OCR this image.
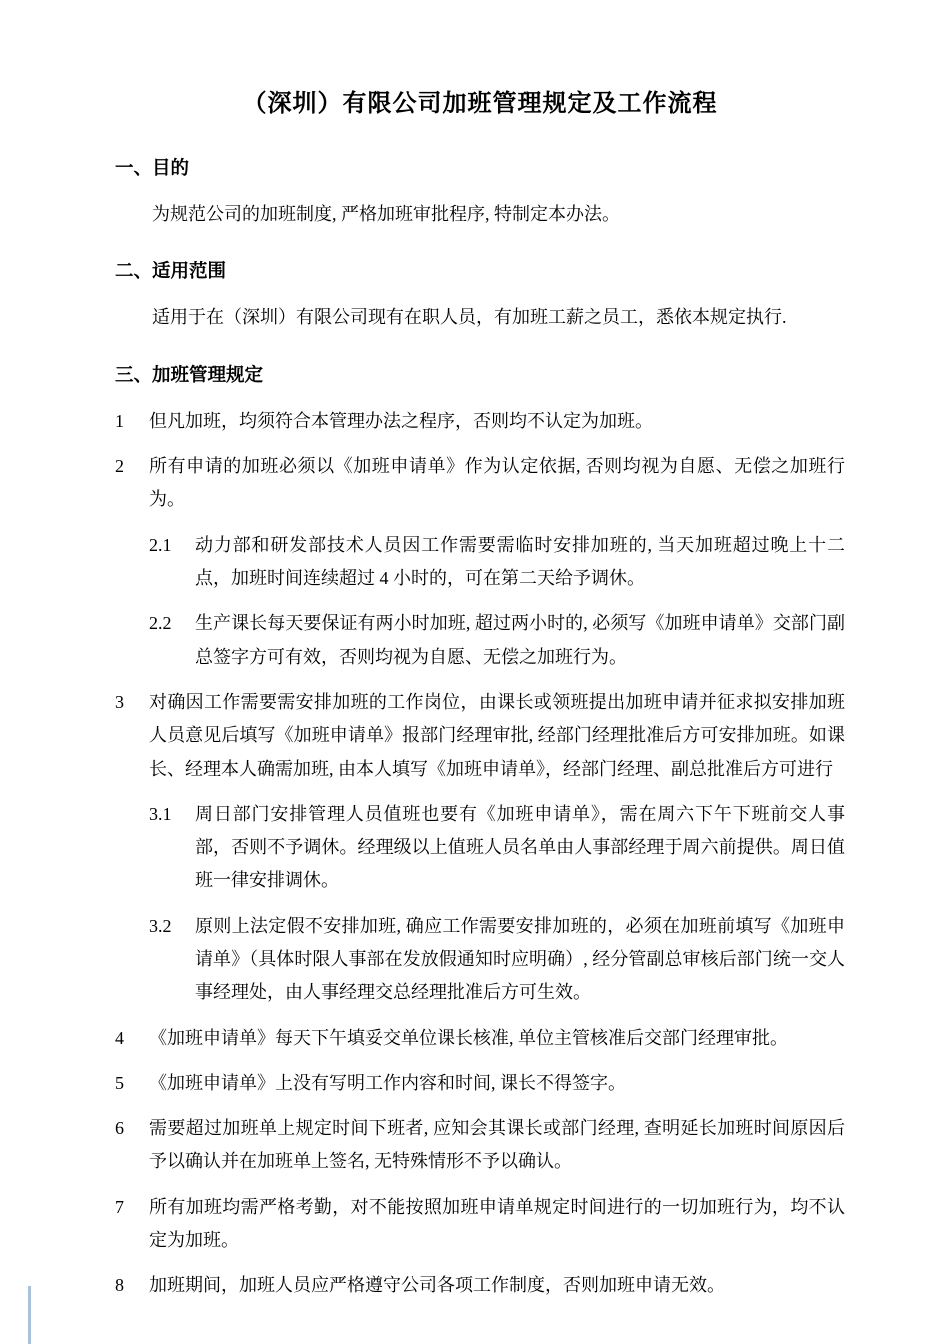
（深圳）有限公司加班管理规定及工作流程
一、目的

为规范公司的加班制度, 严格加班审批程序, 特制定本办法。

二、适用范围

适用于在（深圳）有限公司现有在职人员，有加班工薪之员工，悉依本规定执行.

三、加班管理规定
1	但凡加班，均须符合本管理办法之程序，否则均不认定为加班。
2	所有申请的加班必须以《加班申请单》作为认定依据, 否则均视为自愿、无偿之加班行为。
2.1	动力部和研发部技术人员因工作需要需临时安排加班的, 当天加班超过晚上十二点，加班时间连续超过 4 小时的，可在第二天给予调休。
2.2	生产课长每天要保证有两小时加班, 超过两小时的, 必须写《加班申请单》交部门副总签字方可有效，否则均视为自愿、无偿之加班行为。
3	对确因工作需要需安排加班的工作岗位，由课长或领班提出加班申请并征求拟安排加班人员意见后填写《加班申请单》报部门经理审批, 经部门经理批准后方可安排加班。如课长、经理本人确需加班, 由本人填写《加班申请单》，经部门经理、副总批准后方可进行
3.1	周日部门安排管理人员值班也要有《加班申请单》，需在周六下午下班前交人事部，否则不予调休。经理级以上值班人员名单由人事部经理于周六前提供。周日值班一律安排调休。
3.2	原则上法定假不安排加班, 确应工作需要安排加班的，必须在加班前填写《加班申请单》（具体时限人事部在发放假通知时应明确）, 经分管副总审核后部门统一交人事经理处，由人事经理交总经理批准后方可生效。
4	《加班申请单》每天下午填妥交单位课长核准, 单位主管核准后交部门经理审批。
5	《加班申请单》上没有写明工作内容和时间, 课长不得签字。
6	需要超过加班单上规定时间下班者, 应知会其课长或部门经理, 查明延长加班时间原因后予以确认并在加班单上签名, 无特殊情形不予以确认。
7	所有加班均需严格考勤，对不能按照加班申请单规定时间进行的一切加班行为，均不认定为加班。
8	加班期间，加班人员应严格遵守公司各项工作制度，否则加班申请无效。
